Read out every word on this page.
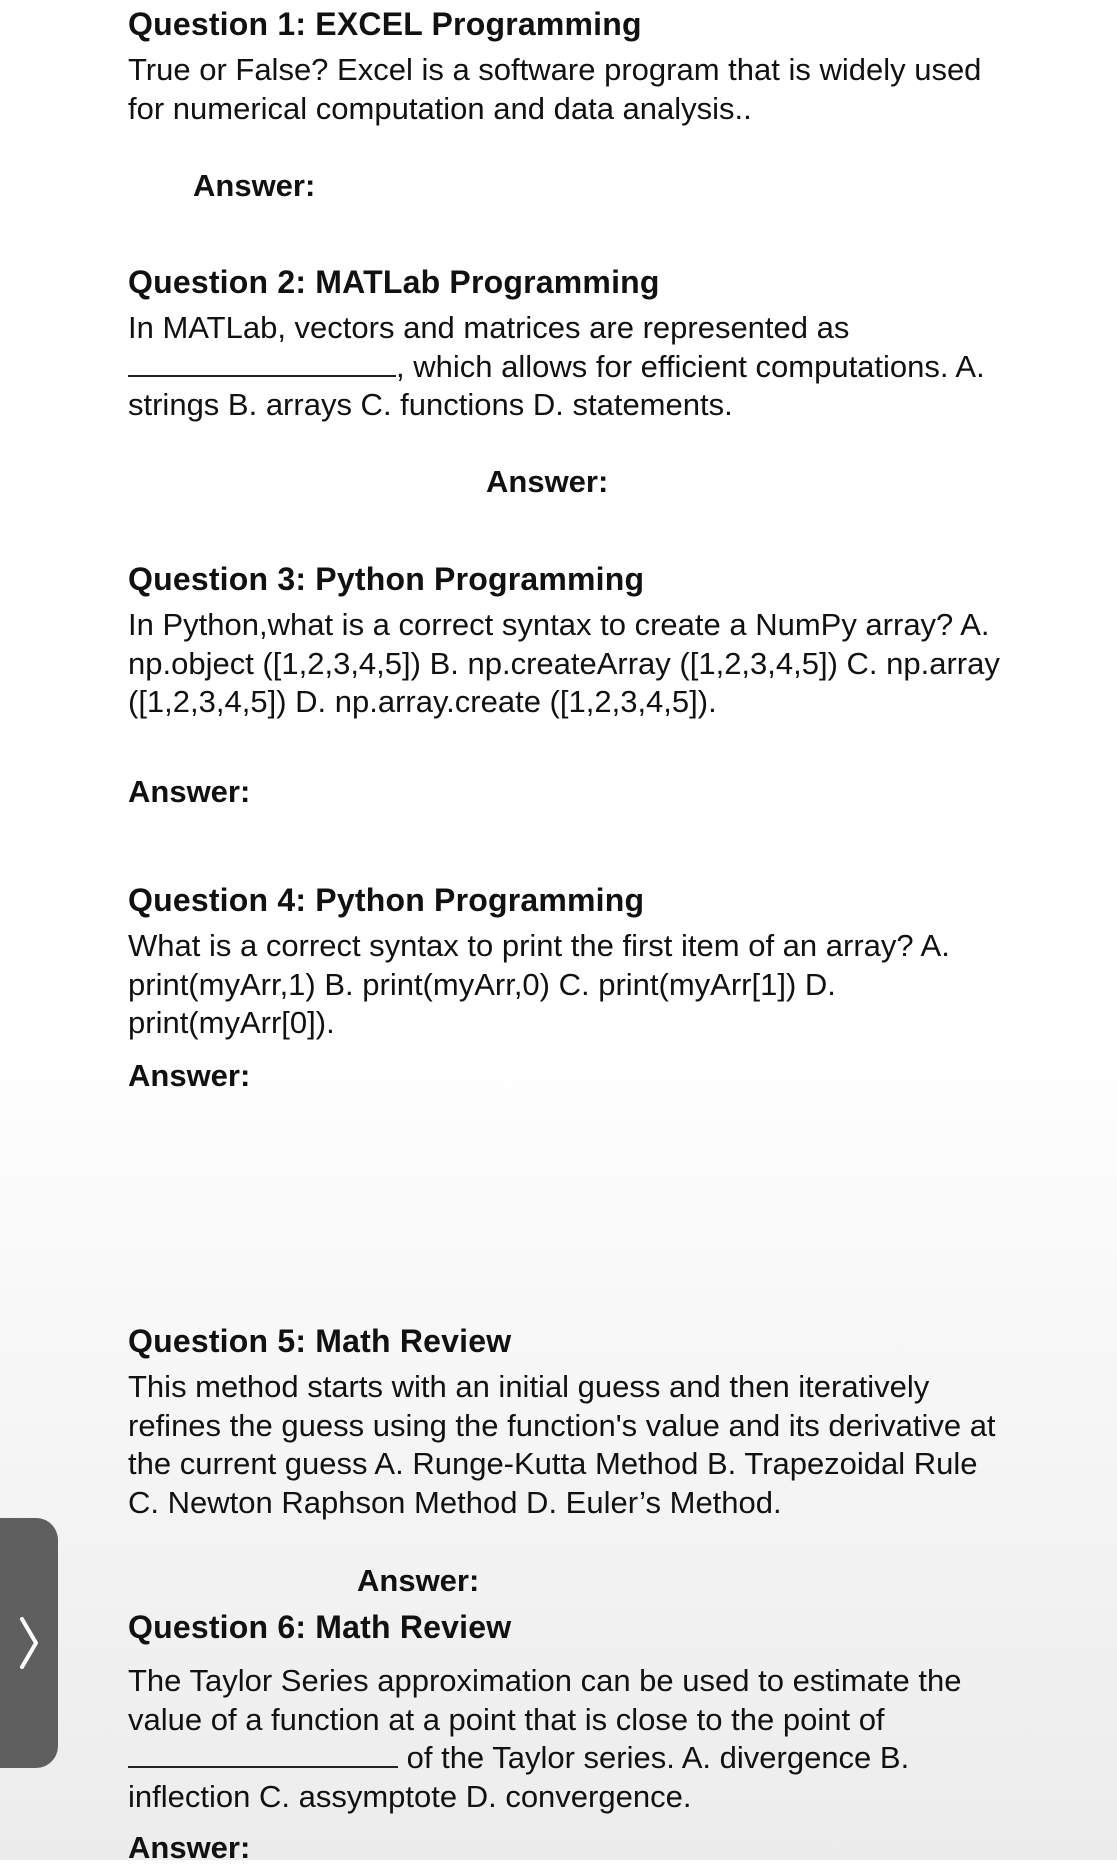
Question 1: EXCEL Programming

True or False? Excel is a software program that is widely used for numerical computation and data analysis..

Answer:
Question 2: MATLab Programming

In MATLab, vectors and matrices are represented as , which allows for efficient computations. A. strings B. arrays C. functions D. statements.

Answer:
Question 3: Python Programming

In Python,what is a correct syntax to create a NumPy array? A. np.object ([1,2,3,4,5]) B. np.createArray ([1,2,3,4,5]) C. np.array ([1,2,3,4,5]) D. np.array.create ([1,2,3,4,5]).

Answer:
Question 4: Python Programming

What is a correct syntax to print the first item of an array? A. print(myArr,1) B. print(myArr,0) C. print(myArr[1]) D. print(myArr[0]).

Answer:
Question 5: Math Review

This method starts with an initial guess and then iteratively refines the guess using the function's value and its derivative at the current guess A. Runge-Kutta Method B. Trapezoidal Rule C. Newton Raphson Method D. Euler’s Method.

Answer:
Question 6: Math Review

The Taylor Series approximation can be used to estimate the value of a function at a point that is close to the point of  of the Taylor series. A. divergence B. inflection C. assymptote D. convergence.

Answer:
